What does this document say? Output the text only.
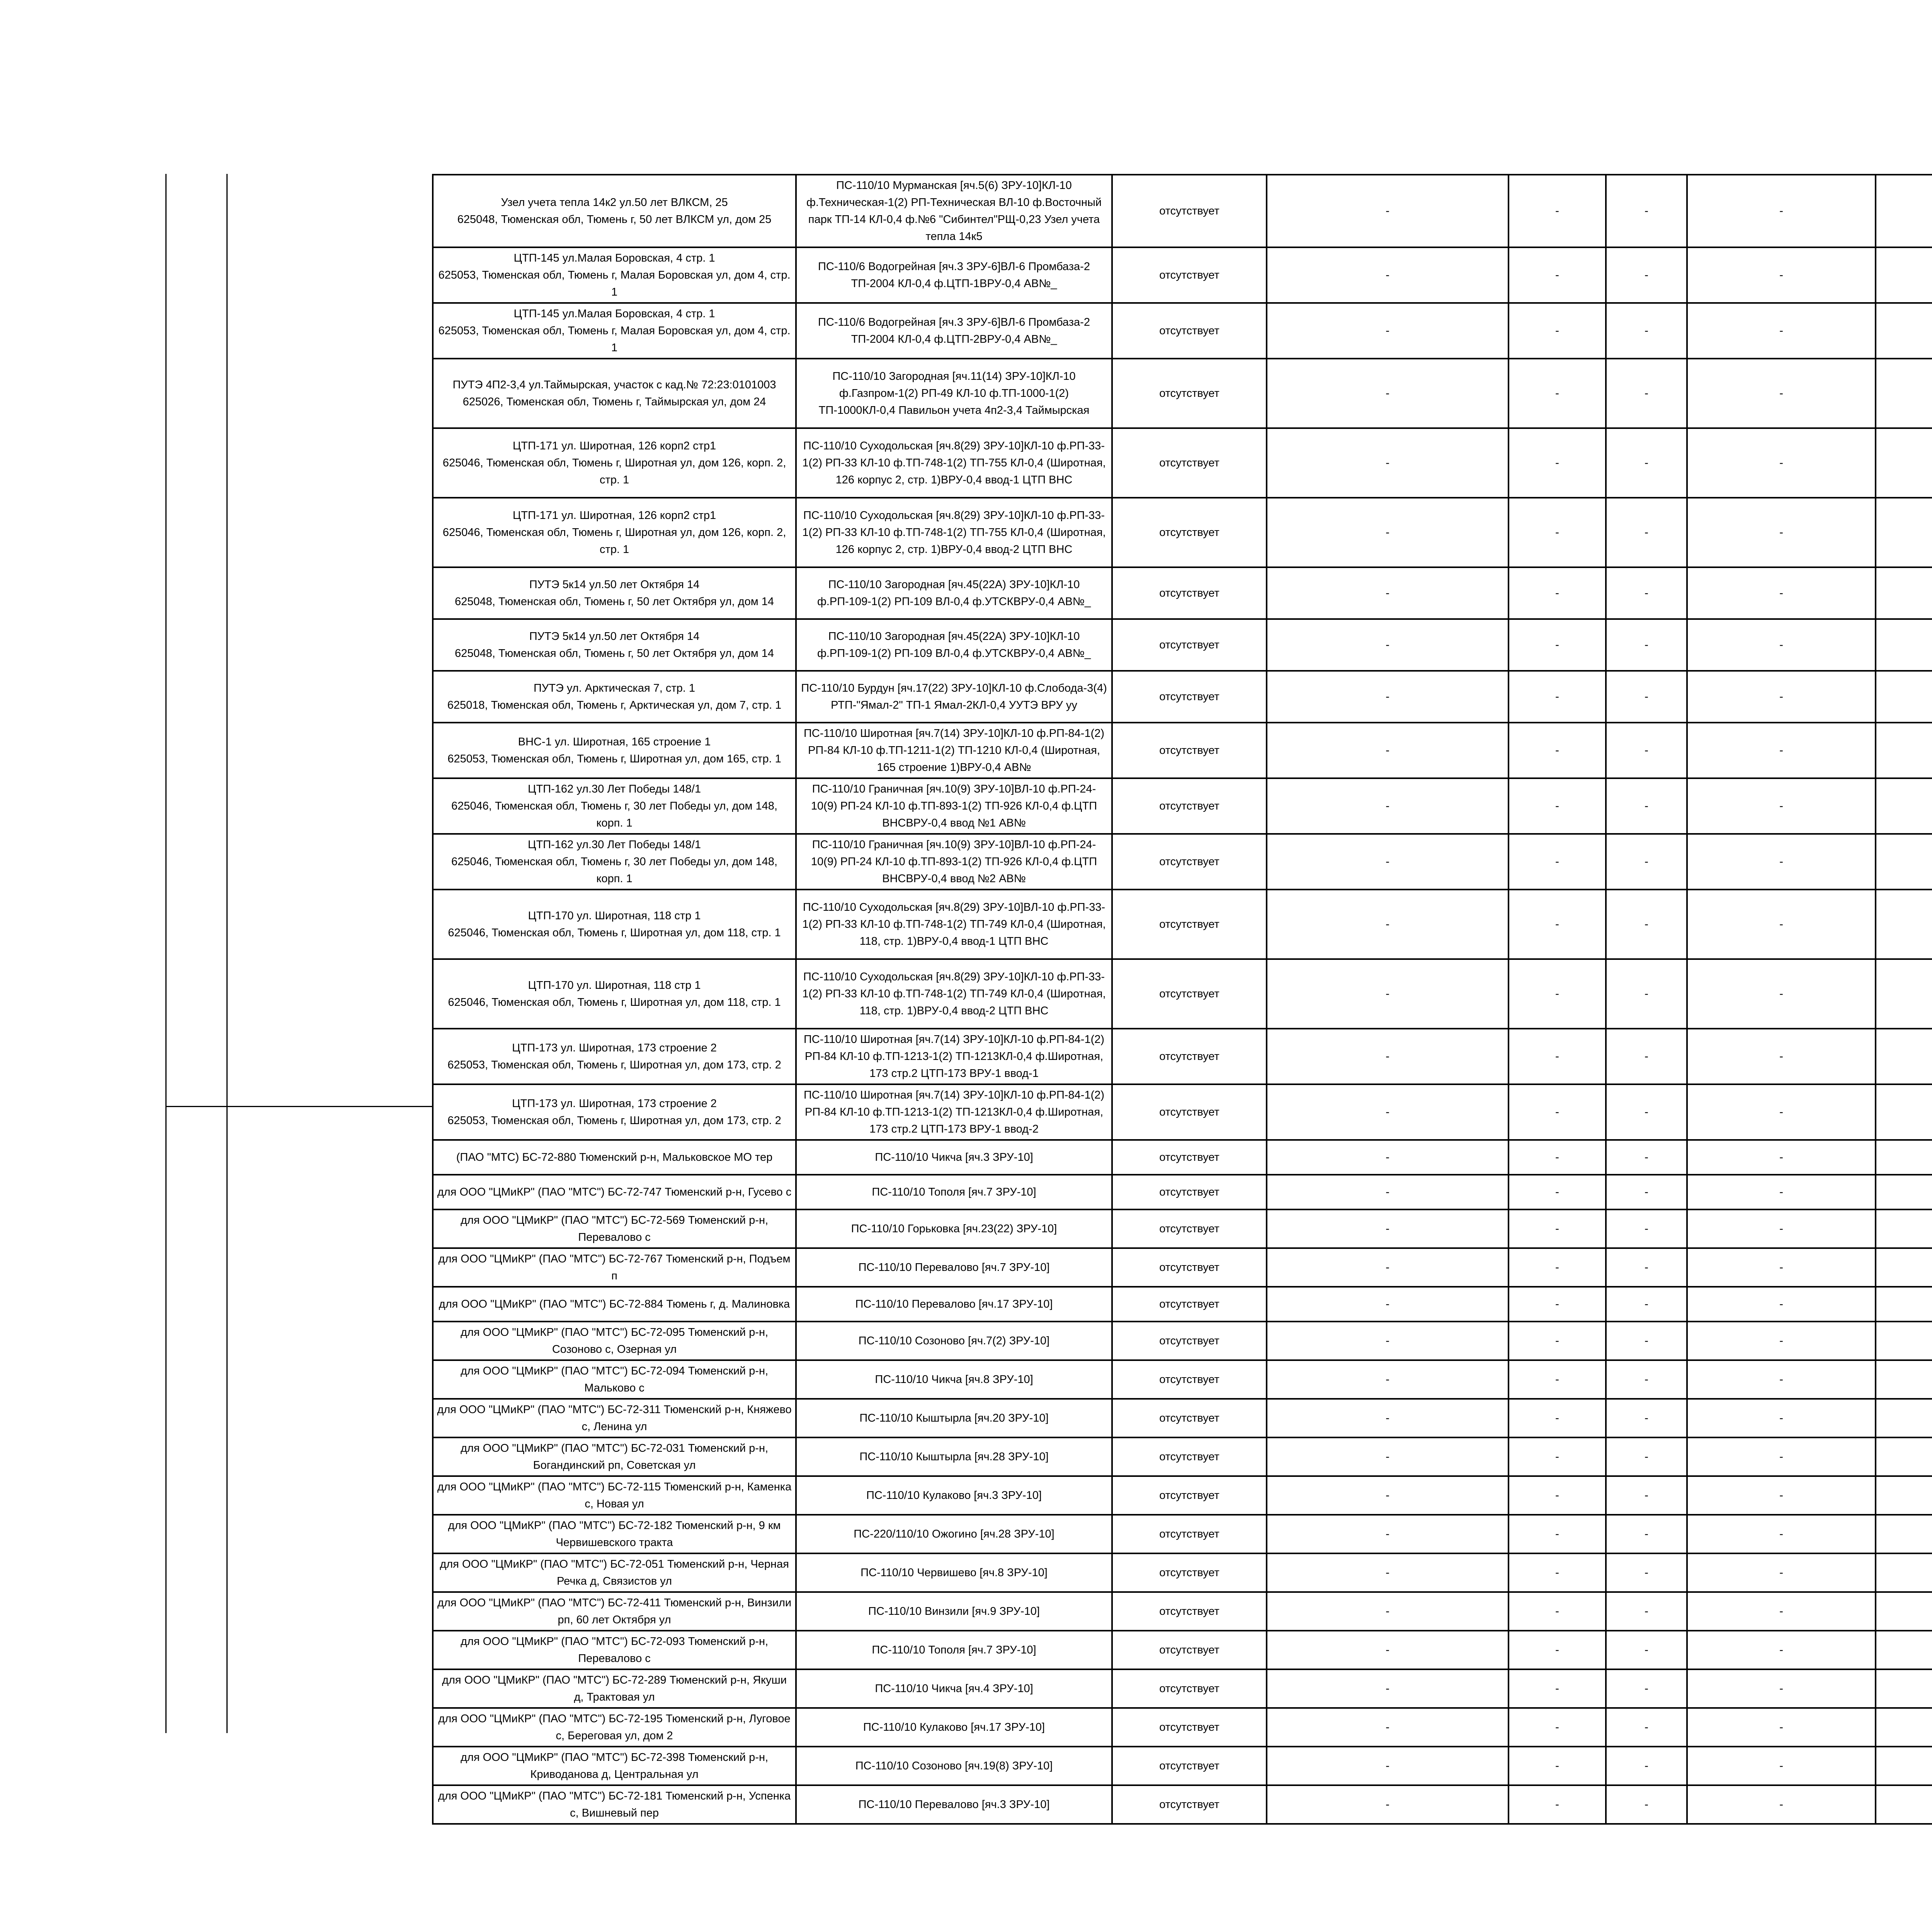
Узел учета тепла 14к2 ул.50 лет ВЛКСМ, 25
625048, Тюменская обл, Тюмень г, 50 лет ВЛКСМ ул, дом 25	ПС-110/10 Мурманская [яч.5(6) ЗРУ-10]КЛ-10 ф.Техническая-1(2) РП-Техническая ВЛ-10 ф.Восточный парк ТП-14 КЛ-0,4 ф.№6 "Сибинтел"РЩ-0,23 Узел учета тепла 14к5	отсутствует	-	-	-	-		

ЦТП-145 ул.Малая Боровская, 4 стр. 1
625053, Тюменская обл, Тюмень г, Малая Боровская ул, дом 4, стр. 1	ПС-110/6 Водогрейная [яч.3 ЗРУ-6]ВЛ-6 Промбаза-2 ТП-2004 КЛ-0,4 ф.ЦТП-1ВРУ-0,4 АВ№_	отсутствует	-	-	-	-		

ЦТП-145 ул.Малая Боровская, 4 стр. 1
625053, Тюменская обл, Тюмень г, Малая Боровская ул, дом 4, стр. 1	ПС-110/6 Водогрейная [яч.3 ЗРУ-6]ВЛ-6 Промбаза-2 ТП-2004 КЛ-0,4 ф.ЦТП-2ВРУ-0,4 АВ№_	отсутствует	-	-	-	-		

ПУТЭ 4П2-3,4 ул.Таймырская, участок с кад.№ 72:23:0101003
625026, Тюменская обл, Тюмень г, Таймырская ул, дом 24	ПС-110/10 Загородная [яч.11(14) ЗРУ-10]КЛ-10 ф.Газпром-1(2) РП-49 КЛ-10 ф.ТП-1000-1(2) ТП-1000КЛ-0,4 Павильон учета 4п2-3,4 Таймырская	отсутствует	-	-	-	-		

ЦТП-171 ул. Широтная, 126 корп2 стр1
625046, Тюменская обл, Тюмень г, Широтная ул, дом 126, корп. 2, стр. 1	ПС-110/10 Суходольская [яч.8(29) ЗРУ-10]КЛ-10 ф.РП-33-1(2) РП-33 КЛ-10 ф.ТП-748-1(2) ТП-755 КЛ-0,4 (Широтная, 126 корпус 2, стр. 1)ВРУ-0,4 ввод-1 ЦТП ВНС	отсутствует	-	-	-	-		

ЦТП-171 ул. Широтная, 126 корп2 стр1
625046, Тюменская обл, Тюмень г, Широтная ул, дом 126, корп. 2, стр. 1	ПС-110/10 Суходольская [яч.8(29) ЗРУ-10]КЛ-10 ф.РП-33-1(2) РП-33 КЛ-10 ф.ТП-748-1(2) ТП-755 КЛ-0,4 (Широтная, 126 корпус 2, стр. 1)ВРУ-0,4 ввод-2 ЦТП ВНС	отсутствует	-	-	-	-		

ПУТЭ 5к14 ул.50 лет Октября 14
625048, Тюменская обл, Тюмень г, 50 лет Октября ул, дом 14	ПС-110/10 Загородная [яч.45(22А) ЗРУ-10]КЛ-10 ф.РП-109-1(2) РП-109 ВЛ-0,4 ф.УТСКВРУ-0,4 АВ№_	отсутствует	-	-	-	-		

ПУТЭ 5к14 ул.50 лет Октября 14
625048, Тюменская обл, Тюмень г, 50 лет Октября ул, дом 14	ПС-110/10 Загородная [яч.45(22А) ЗРУ-10]КЛ-10 ф.РП-109-1(2) РП-109 ВЛ-0,4 ф.УТСКВРУ-0,4 АВ№_	отсутствует	-	-	-	-		

ПУТЭ ул. Арктическая 7, стр. 1
625018, Тюменская обл, Тюмень г, Арктическая ул, дом 7, стр. 1	ПС-110/10 Бурдун [яч.17(22) ЗРУ-10]КЛ-10 ф.Слобода-3(4) РТП-"Ямал-2" ТП-1 Ямал-2КЛ-0,4 УУТЭ ВРУ уу	отсутствует	-	-	-	-		

ВНС-1 ул. Широтная, 165 строение 1
625053, Тюменская обл, Тюмень г, Широтная ул, дом 165, стр. 1	ПС-110/10 Широтная [яч.7(14) ЗРУ-10]КЛ-10 ф.РП-84-1(2) РП-84 КЛ-10 ф.ТП-1211-1(2) ТП-1210 КЛ-0,4 (Широтная, 165 строение 1)ВРУ-0,4 АВ№	отсутствует	-	-	-	-		

ЦТП-162 ул.30 Лет Победы 148/1
625046, Тюменская обл, Тюмень г, 30 лет Победы ул, дом 148, корп. 1	ПС-110/10 Граничная [яч.10(9) ЗРУ-10]ВЛ-10 ф.РП-24-10(9) РП-24 КЛ-10 ф.ТП-893-1(2) ТП-926 КЛ-0,4 ф.ЦТП ВНСВРУ-0,4 ввод №1 АВ№	отсутствует	-	-	-	-		

ЦТП-162 ул.30 Лет Победы 148/1
625046, Тюменская обл, Тюмень г, 30 лет Победы ул, дом 148, корп. 1	ПС-110/10 Граничная [яч.10(9) ЗРУ-10]ВЛ-10 ф.РП-24-10(9) РП-24 КЛ-10 ф.ТП-893-1(2) ТП-926 КЛ-0,4 ф.ЦТП ВНСВРУ-0,4 ввод №2 АВ№	отсутствует	-	-	-	-		

ЦТП-170 ул. Широтная, 118 стр 1
625046, Тюменская обл, Тюмень г, Широтная ул, дом 118, стр. 1	ПС-110/10 Суходольская [яч.8(29) ЗРУ-10]ВЛ-10 ф.РП-33-1(2) РП-33 КЛ-10 ф.ТП-748-1(2) ТП-749 КЛ-0,4 (Широтная, 118, стр. 1)ВРУ-0,4 ввод-1 ЦТП ВНС	отсутствует	-	-	-	-		

ЦТП-170 ул. Широтная, 118 стр 1
625046, Тюменская обл, Тюмень г, Широтная ул, дом 118, стр. 1	ПС-110/10 Суходольская [яч.8(29) ЗРУ-10]КЛ-10 ф.РП-33-1(2) РП-33 КЛ-10 ф.ТП-748-1(2) ТП-749 КЛ-0,4 (Широтная, 118, стр. 1)ВРУ-0,4 ввод-2 ЦТП ВНС	отсутствует	-	-	-	-		

ЦТП-173 ул. Широтная, 173 строение 2
625053, Тюменская обл, Тюмень г, Широтная ул, дом 173, стр. 2	ПС-110/10 Широтная [яч.7(14) ЗРУ-10]КЛ-10 ф.РП-84-1(2) РП-84 КЛ-10 ф.ТП-1213-1(2) ТП-1213КЛ-0,4 ф.Широтная, 173 стр.2 ЦТП-173 ВРУ-1 ввод-1	отсутствует	-	-	-	-		

ЦТП-173 ул. Широтная, 173 строение 2
625053, Тюменская обл, Тюмень г, Широтная ул, дом 173, стр. 2	ПС-110/10 Широтная [яч.7(14) ЗРУ-10]КЛ-10 ф.РП-84-1(2) РП-84 КЛ-10 ф.ТП-1213-1(2) ТП-1213КЛ-0,4 ф.Широтная, 173 стр.2 ЦТП-173 ВРУ-1 ввод-2	отсутствует	-	-	-	-		

(ПАО "МТС) БС-72-880 Тюменский р-н, Мальковское МО тер	ПС-110/10 Чикча [яч.3 ЗРУ-10]	отсутствует	-	-	-	-		

для ООО "ЦМиКР" (ПАО "МТС") БС-72-747 Тюменский р-н, Гусево с	ПС-110/10 Тополя [яч.7 ЗРУ-10]	отсутствует	-	-	-	-		

для ООО "ЦМиКР" (ПАО "МТС") БС-72-569 Тюменский р-н, Перевалово с	ПС-110/10 Горьковка [яч.23(22) ЗРУ-10]	отсутствует	-	-	-	-		

для ООО "ЦМиКР" (ПАО "МТС") БС-72-767 Тюменский р-н, Подъем п	ПС-110/10 Перевалово [яч.7 ЗРУ-10]	отсутствует	-	-	-	-		

для ООО "ЦМиКР" (ПАО "МТС") БС-72-884 Тюмень г, д. Малиновка	ПС-110/10 Перевалово [яч.17 ЗРУ-10]	отсутствует	-	-	-	-		

для ООО "ЦМиКР" (ПАО "МТС") БС-72-095 Тюменский р-н, Созоново с, Озерная ул	ПС-110/10 Созоново [яч.7(2) ЗРУ-10]	отсутствует	-	-	-	-		

для ООО "ЦМиКР" (ПАО "МТС") БС-72-094 Тюменский р-н, Мальково с	ПС-110/10 Чикча [яч.8 ЗРУ-10]	отсутствует	-	-	-	-		

для ООО "ЦМиКР" (ПАО "МТС") БС-72-311 Тюменский р-н, Княжево с, Ленина ул	ПС-110/10 Кыштырла [яч.20 ЗРУ-10]	отсутствует	-	-	-	-		

для ООО "ЦМиКР" (ПАО "МТС") БС-72-031 Тюменский р-н, Богандинский рп, Советская ул	ПС-110/10 Кыштырла [яч.28 ЗРУ-10]	отсутствует	-	-	-	-		

для ООО "ЦМиКР" (ПАО "МТС") БС-72-115 Тюменский р-н, Каменка с, Новая ул	ПС-110/10 Кулаково [яч.3 ЗРУ-10]	отсутствует	-	-	-	-		

для ООО "ЦМиКР" (ПАО "МТС") БС-72-182 Тюменский р-н, 9 км Червишевского тракта	ПС-220/110/10 Ожогино [яч.28 ЗРУ-10]	отсутствует	-	-	-	-		

для ООО "ЦМиКР" (ПАО "МТС") БС-72-051 Тюменский р-н, Черная Речка д, Связистов ул	ПС-110/10 Червишево [яч.8 ЗРУ-10]	отсутствует	-	-	-	-		

для ООО "ЦМиКР" (ПАО "МТС") БС-72-411 Тюменский р-н, Винзили рп, 60 лет Октября ул	ПС-110/10 Винзили [яч.9 ЗРУ-10]	отсутствует	-	-	-	-		

для ООО "ЦМиКР" (ПАО "МТС") БС-72-093 Тюменский р-н, Перевалово с	ПС-110/10 Тополя [яч.7 ЗРУ-10]	отсутствует	-	-	-	-		

для ООО "ЦМиКР" (ПАО "МТС") БС-72-289 Тюменский р-н, Якуши д, Трактовая ул	ПС-110/10 Чикча [яч.4 ЗРУ-10]	отсутствует	-	-	-	-		

для ООО "ЦМиКР" (ПАО "МТС") БС-72-195 Тюменский р-н, Луговое с, Береговая ул, дом 2	ПС-110/10 Кулаково [яч.17 ЗРУ-10]	отсутствует	-	-	-	-		

для ООО "ЦМиКР" (ПАО "МТС") БС-72-398 Тюменский р-н, Криводанова д, Центральная ул	ПС-110/10 Созоново [яч.19(8) ЗРУ-10]	отсутствует	-	-	-	-		

для ООО "ЦМиКР" (ПАО "МТС") БС-72-181 Тюменский р-н, Успенка с, Вишневый пер	ПС-110/10 Перевалово [яч.3 ЗРУ-10]	отсутствует	-	-	-	-		
